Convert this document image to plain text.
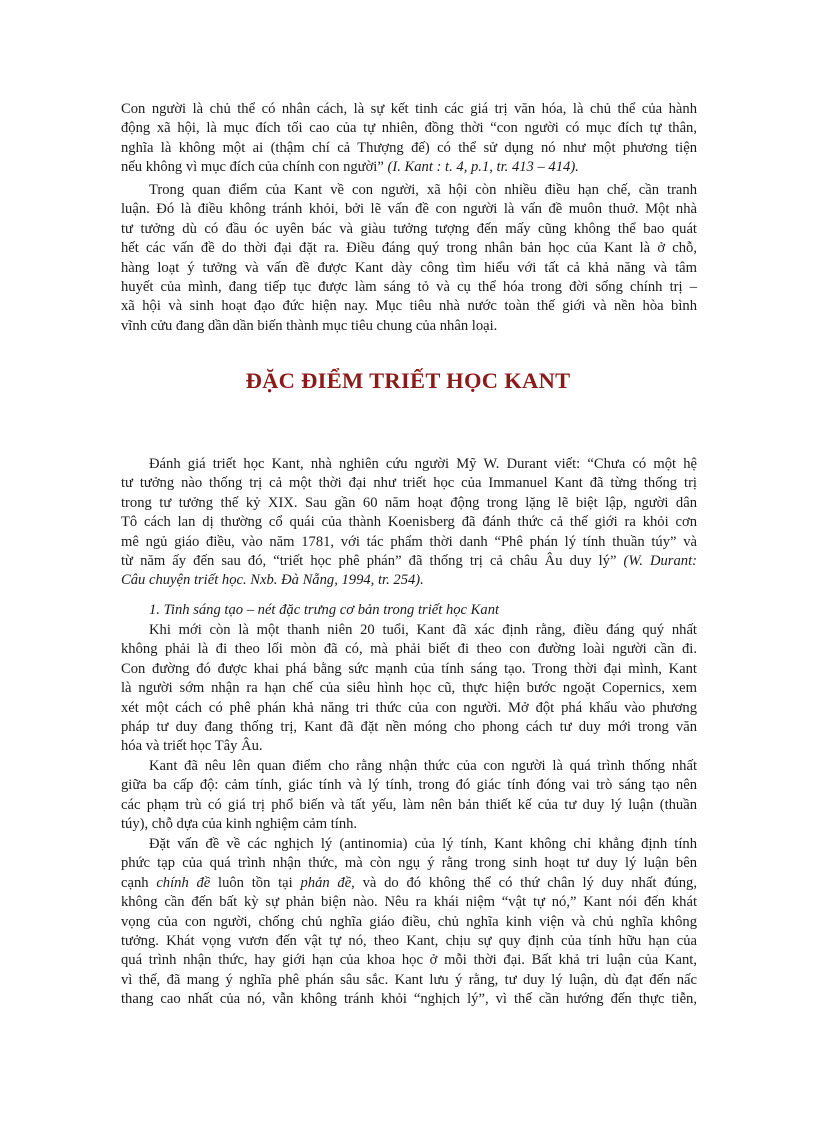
Con người là chủ thể có nhân cách, là sự kết tinh các giá trị văn hóa, là chủ thể của hành
động xã hội, là mục đích tối cao của tự nhiên, đồng thời “con người có mục đích tự thân,
nghĩa là không một ai (thậm chí cả Thượng đế) có thể sử dụng nó như một phương tiện
nếu không vì mục đích của chính con người” (I. Kant : t. 4, p.1, tr. 413 – 414).
Trong quan điểm của Kant về con người, xã hội còn nhiều điều hạn chế, cần tranh
luận. Đó là điều không tránh khỏi, bởi lẽ vấn đề con người là vấn đề muôn thuở. Một nhà
tư tưởng dù có đầu óc uyên bác và giàu tưởng tượng đến mấy cũng không thể bao quát
hết các vấn đề do thời đại đặt ra. Điều đáng quý trong nhân bản học của Kant là ở chỗ,
hàng loạt ý tưởng và vấn đề được Kant dày công tìm hiểu với tất cả khả năng và tâm
huyết của mình, đang tiếp tục được làm sáng tỏ và cụ thể hóa trong đời sống chính trị –
xã hội và sinh hoạt đạo đức hiện nay. Mục tiêu nhà nước toàn thế giới và nền hòa bình
vĩnh cửu đang dần dần biến thành mục tiêu chung của nhân loại.
ĐẶC ĐIỂM TRIẾT HỌC KANT
Đánh giá triết học Kant, nhà nghiên cứu người Mỹ W. Durant viết: “Chưa có một hệ
tư tưởng nào thống trị cả một thời đại như triết học của Immanuel Kant đã từng thống trị
trong tư tưởng thế kỷ XIX. Sau gần 60 năm hoạt động trong lặng lẽ biệt lập, người dân
Tô cách lan dị thường cổ quái của thành Koenisberg đã đánh thức cả thế giới ra khỏi cơn
mê ngủ giáo điều, vào năm 1781, với tác phẩm thời danh “Phê phán lý tính thuần túy” và
từ năm ấy đến sau đó, “triết học phê phán” đã thống trị cả châu Âu duy lý” (W. Durant:
Câu chuyện triết học. Nxb. Đà Nẵng, 1994, tr. 254).
1. Tinh sáng tạo – nét đặc trưng cơ bản trong triết học Kant
Khi mới còn là một thanh niên 20 tuổi, Kant đã xác định rằng, điều đáng quý nhất
không phải là đi theo lối mòn đã có, mà phải biết đi theo con đường loài người cần đi.
Con đường đó được khai phá bằng sức mạnh của tính sáng tạo. Trong thời đại mình, Kant
là người sớm nhận ra hạn chế của siêu hình học cũ, thực hiện bước ngoặt Copernics, xem
xét một cách có phê phán khả năng tri thức của con người. Mở đột phá khẩu vào phương
pháp tư duy đang thống trị, Kant đã đặt nền móng cho phong cách tư duy mới trong văn
hóa và triết học Tây Âu.
Kant đã nêu lên quan điểm cho rằng nhận thức của con người là quá trình thống nhất
giữa ba cấp độ: cảm tính, giác tính và lý tính, trong đó giác tính đóng vai trò sáng tạo nên
các phạm trù có giá trị phổ biến và tất yếu, làm nên bản thiết kế của tư duy lý luận (thuần
túy), chỗ dựa của kinh nghiệm cảm tính.
Đặt vấn đề về các nghịch lý (antinomia) của lý tính, Kant không chỉ khẳng định tính
phức tạp của quá trình nhận thức, mà còn ngụ ý rằng trong sinh hoạt tư duy lý luận bên
cạnh chính đề luôn tồn tại phản đề, và do đó không thể có thứ chân lý duy nhất đúng,
không cần đến bất kỳ sự phản biện nào. Nêu ra khái niệm “vật tự nó,” Kant nói đến khát
vọng của con người, chống chủ nghĩa giáo điều, chủ nghĩa kinh viện và chủ nghĩa không
tưởng. Khát vọng vươn đến vật tự nó, theo Kant, chịu sự quy định của tính hữu hạn của
quá trình nhận thức, hay giới hạn của khoa học ở mỗi thời đại. Bất khả tri luận của Kant,
vì thế, đã mang ý nghĩa phê phán sâu sắc. Kant lưu ý rằng, tư duy lý luận, dù đạt đến nấc
thang cao nhất của nó, vẫn không tránh khỏi “nghịch lý”, vì thế cần hướng đến thực tiễn,
